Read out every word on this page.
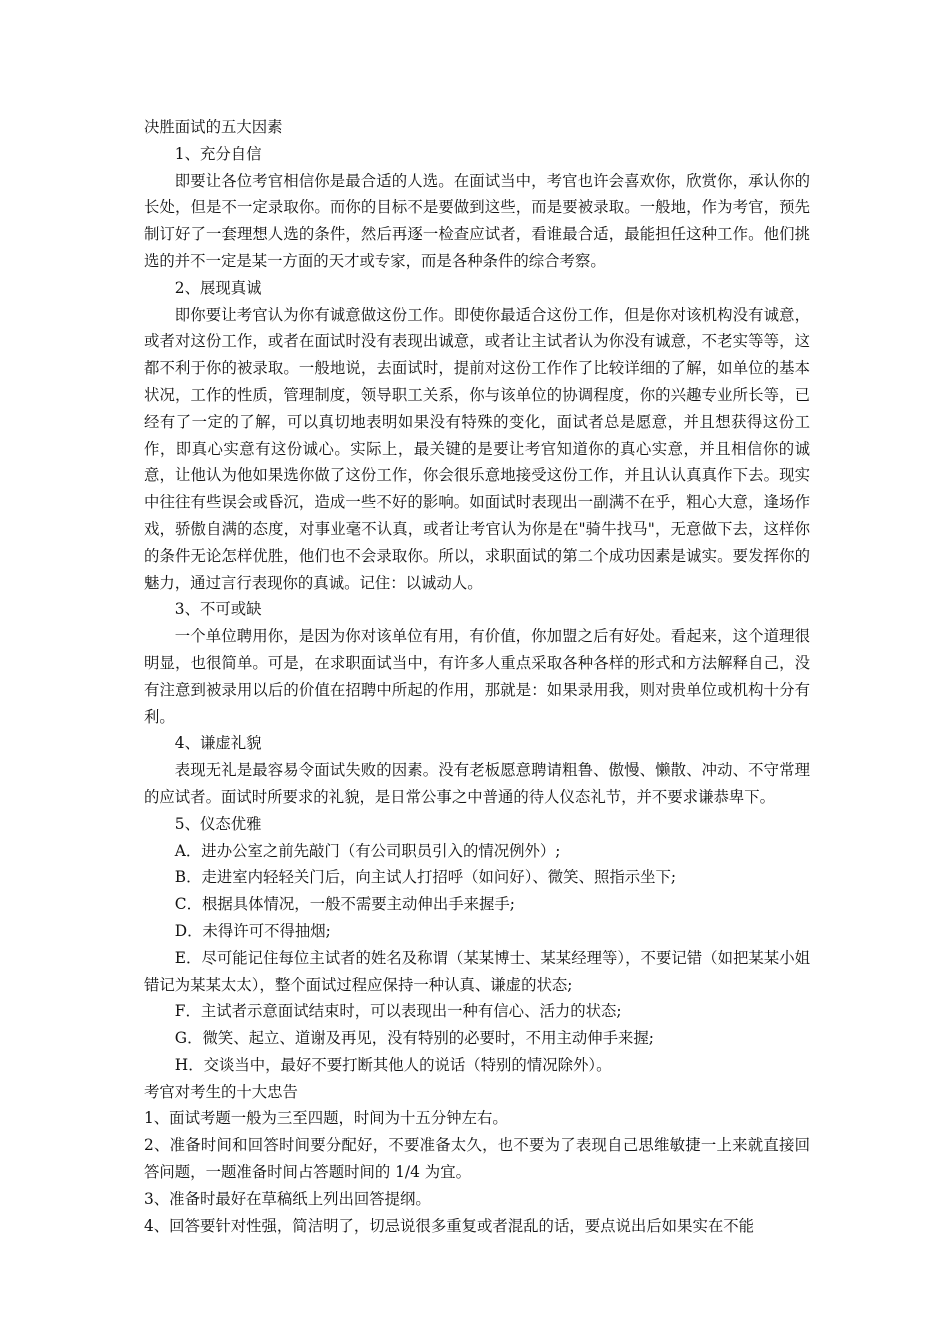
决胜面试的五大因素

1、充分自信

即要让各位考官相信你是最合适的人选。在面试当中，考官也许会喜欢你，欣赏你，承认你的长处，但是不一定录取你。而你的目标不是要做到这些，而是要被录取。一般地，作为考官，预先制订好了一套理想人选的条件，然后再逐一检查应试者，看谁最合适，最能担任这种工作。他们挑选的并不一定是某一方面的天才或专家，而是各种条件的综合考察。

2、展现真诚

即你要让考官认为你有诚意做这份工作。即使你最适合这份工作，但是你对该机构没有诚意，或者对这份工作，或者在面试时没有表现出诚意，或者让主试者认为你没有诚意，不老实等等，这都不利于你的被录取。一般地说，去面试时，提前对这份工作作了比较详细的了解，如单位的基本状况，工作的性质，管理制度，领导职工关系，你与该单位的协调程度，你的兴趣专业所长等，已经有了一定的了解，可以真切地表明如果没有特殊的变化，面试者总是愿意，并且想获得这份工作，即真心实意有这份诚心。实际上，最关键的是要让考官知道你的真心实意，并且相信你的诚意，让他认为他如果选你做了这份工作，你会很乐意地接受这份工作，并且认认真真作下去。现实中往往有些误会或昏沉，造成一些不好的影响。如面试时表现出一副满不在乎，粗心大意，逢场作戏，骄傲自满的态度，对事业毫不认真，或者让考官认为你是在"骑牛找马"，无意做下去，这样你的条件无论怎样优胜，他们也不会录取你。所以，求职面试的第二个成功因素是诚实。要发挥你的魅力，通过言行表现你的真诚。记住：以诚动人。

3、不可或缺

一个单位聘用你，是因为你对该单位有用，有价值，你加盟之后有好处。看起来，这个道理很明显，也很简单。可是，在求职面试当中，有许多人重点采取各种各样的形式和方法解释自己，没有注意到被录用以后的价值在招聘中所起的作用，那就是：如果录用我，则对贵单位或机构十分有利。

4、谦虚礼貌

表现无礼是最容易令面试失败的因素。没有老板愿意聘请粗鲁、傲慢、懒散、冲动、不守常理的应试者。面试时所要求的礼貌，是日常公事之中普通的待人仪态礼节，并不要求谦恭卑下。

5、仪态优雅

A．进办公室之前先敲门（有公司职员引入的情况例外）;

B．走进室内轻轻关门后，向主试人打招呼（如问好）、微笑、照指示坐下;

C．根据具体情况，一般不需要主动伸出手来握手;

D．未得许可不得抽烟;

E．尽可能记住每位主试者的姓名及称谓（某某博士、某某经理等），不要记错（如把某某小姐错记为某某太太），整个面试过程应保持一种认真、谦虚的状态;

F．主试者示意面试结束时，可以表现出一种有信心、活力的状态;

G．微笑、起立、道谢及再见，没有特别的必要时，不用主动伸手来握;

H．交谈当中，最好不要打断其他人的说话（特别的情况除外）。

考官对考生的十大忠告

1、面试考题一般为三至四题，时间为十五分钟左右。

2、准备时间和回答时间要分配好，不要准备太久，也不要为了表现自己思维敏捷一上来就直接回答问题，一题准备时间占答题时间的 1/4 为宜。

3、准备时最好在草稿纸上列出回答提纲。

4、回答要针对性强，简洁明了，切忌说很多重复或者混乱的话，要点说出后如果实在不能
